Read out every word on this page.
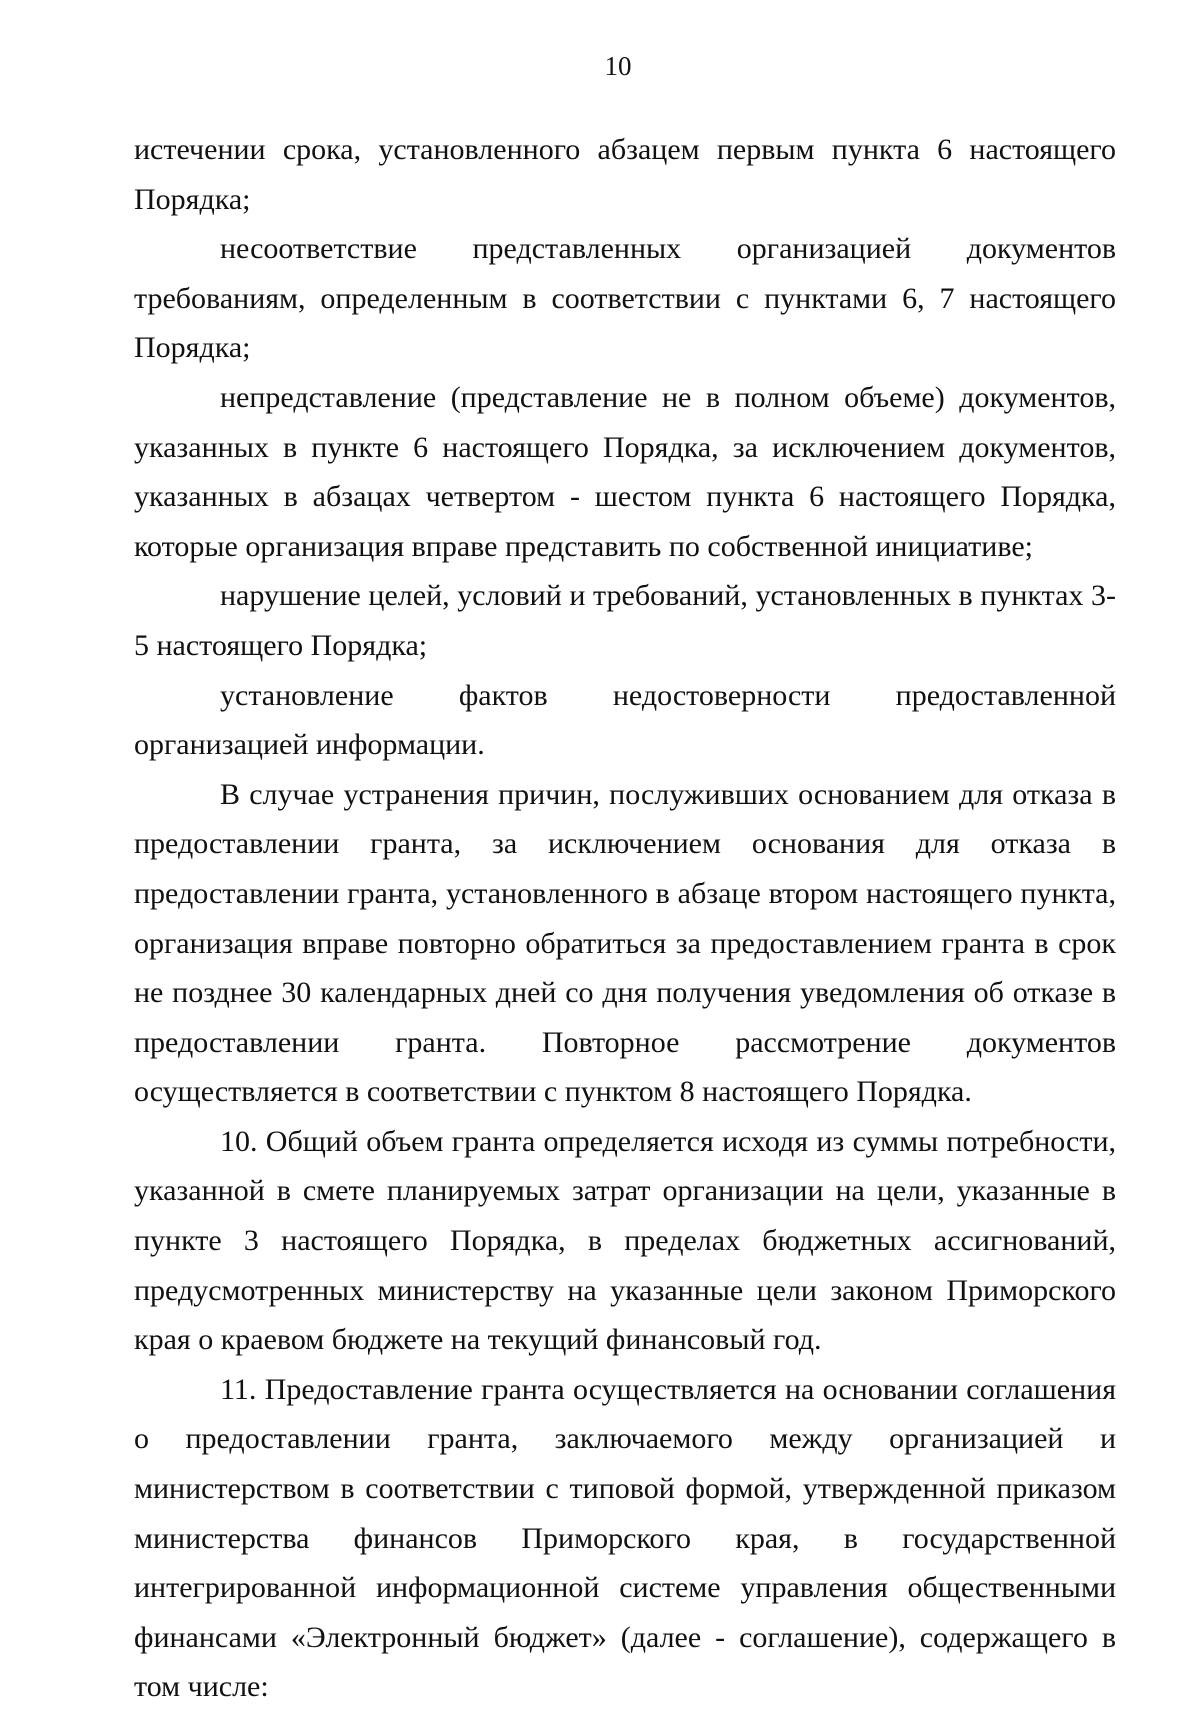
10

истечении срока, установленного абзацем первым пункта 6 настоящего Порядка;

несоответствие представленных организацией документов требованиям, определенным в соответствии с пунктами 6, 7 настоящего Порядка;

непредставление (представление не в полном объеме) документов, указанных в пункте 6 настоящего Порядка, за исключением документов, указанных в абзацах четвертом - шестом пункта 6 настоящего Порядка, которые организация вправе представить по собственной инициативе;

нарушение целей, условий и требований, установленных в пунктах 3-5 настоящего Порядка;

установление фактов недостоверности предоставленной организацией информации.

В случае устранения причин, послуживших основанием для отказа в предоставлении гранта, за исключением основания для отказа в предоставлении гранта, установленного в абзаце втором настоящего пункта, организация вправе повторно обратиться за предоставлением гранта в срок не позднее 30 календарных дней со дня получения уведомления об отказе в предоставлении гранта. Повторное рассмотрение документов осуществляется в соответствии с пунктом 8 настоящего Порядка.

10. Общий объем гранта определяется исходя из суммы потребности, указанной в смете планируемых затрат организации на цели, указанные в пункте 3 настоящего Порядка, в пределах бюджетных ассигнований, предусмотренных министерству на указанные цели законом Приморского края о краевом бюджете на текущий финансовый год.

11. Предоставление гранта осуществляется на основании соглашения о предоставлении гранта, заключаемого между организацией и министерством в соответствии с типовой формой, утвержденной приказом министерства финансов Приморского края, в государственной интегрированной информационной системе управления общественными финансами «Электронный бюджет» (далее - соглашение), содержащего в том числе:
